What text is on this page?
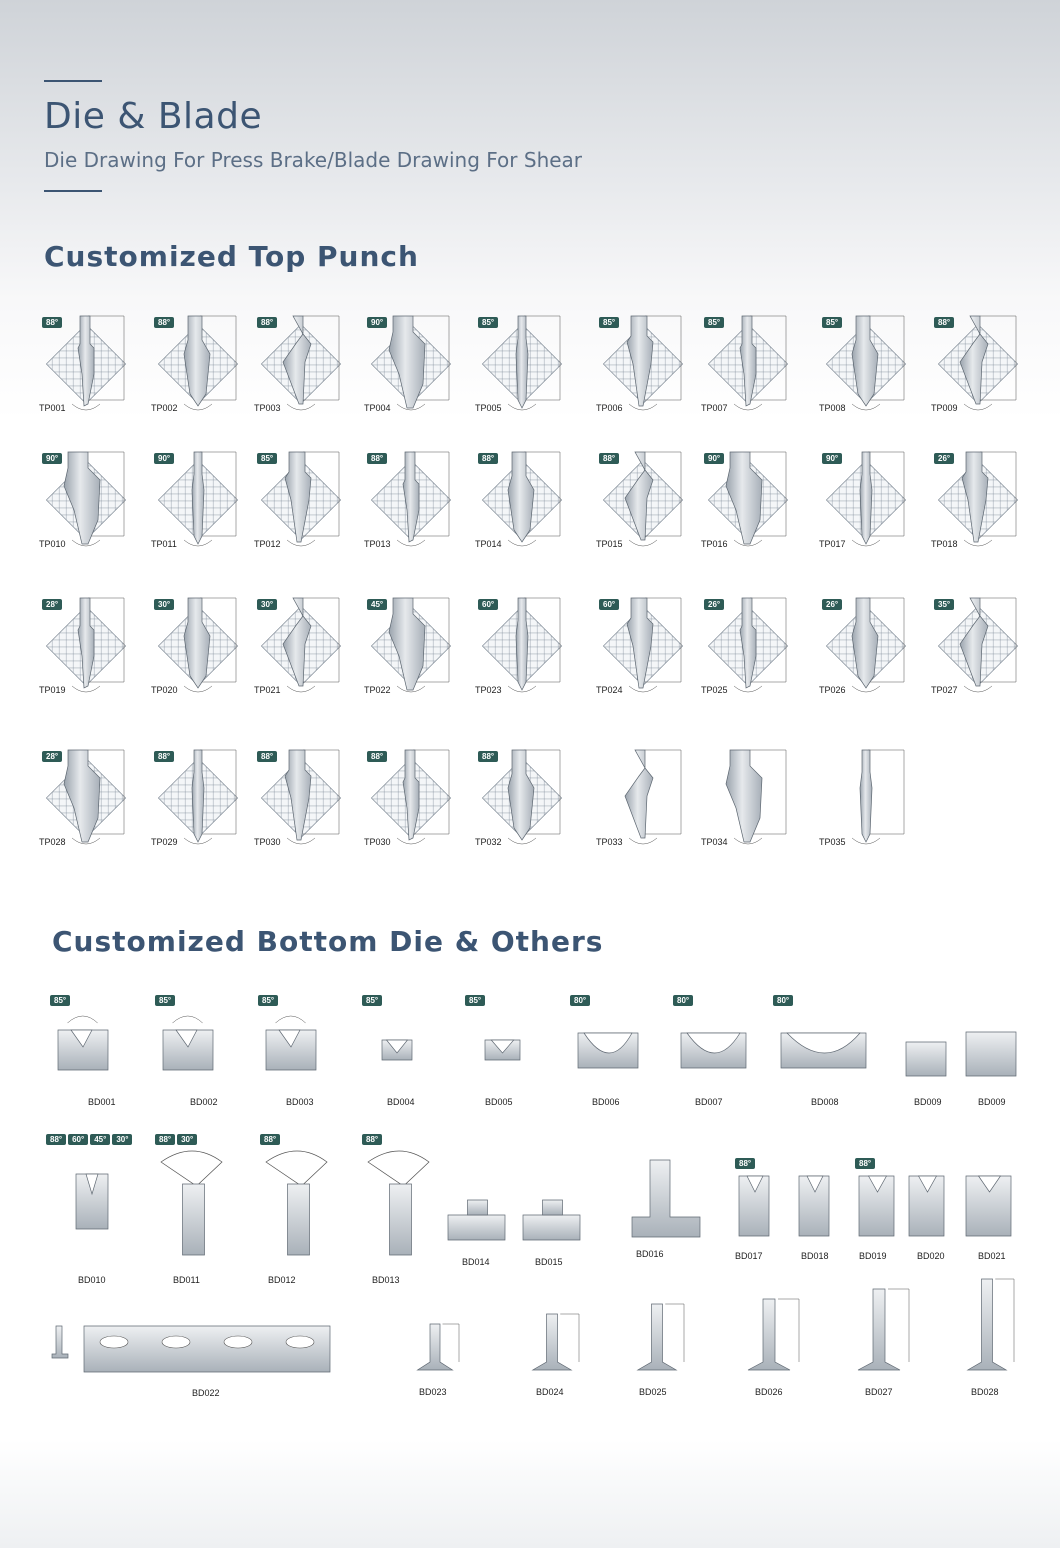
Die & Blade
Die Drawing For Press Brake/Blade Drawing For Shear
Customized Top Punch
88°
TP001
88°
TP002
88°
TP003
90°
TP004
85°
TP005
85°
TP006
85°
TP007
85°
TP008
88°
TP009
90°
TP010
90°
TP011
85°
TP012
88°
TP013
88°
TP014
88°
TP015
90°
TP016
90°
TP017
26°
TP018
28°
TP019
30°
TP020
30°
TP021
45°
TP022
60°
TP023
60°
TP024
26°
TP025
26°
TP026
35°
TP027
28°
TP028
88°
TP029
88°
TP030
88°
TP030
88°
TP032	TP033	TP034	TP035
Customized Bottom Die & Others
85°
BD001
85°
BD002
85°
BD003
85°
BD004
85°
BD005
80°
BD006
80°
BD007
80°
BD008	BD009	BD009
88°	60°	45°	30°
BD010
88°	30°
BD011
88°
BD012
88°
BD013
BD014	BD015
BD016
88°
BD017	BD018
88°
BD019	BD020	BD021
BD022	BD023	BD024	BD025	BD026	BD027	BD028
